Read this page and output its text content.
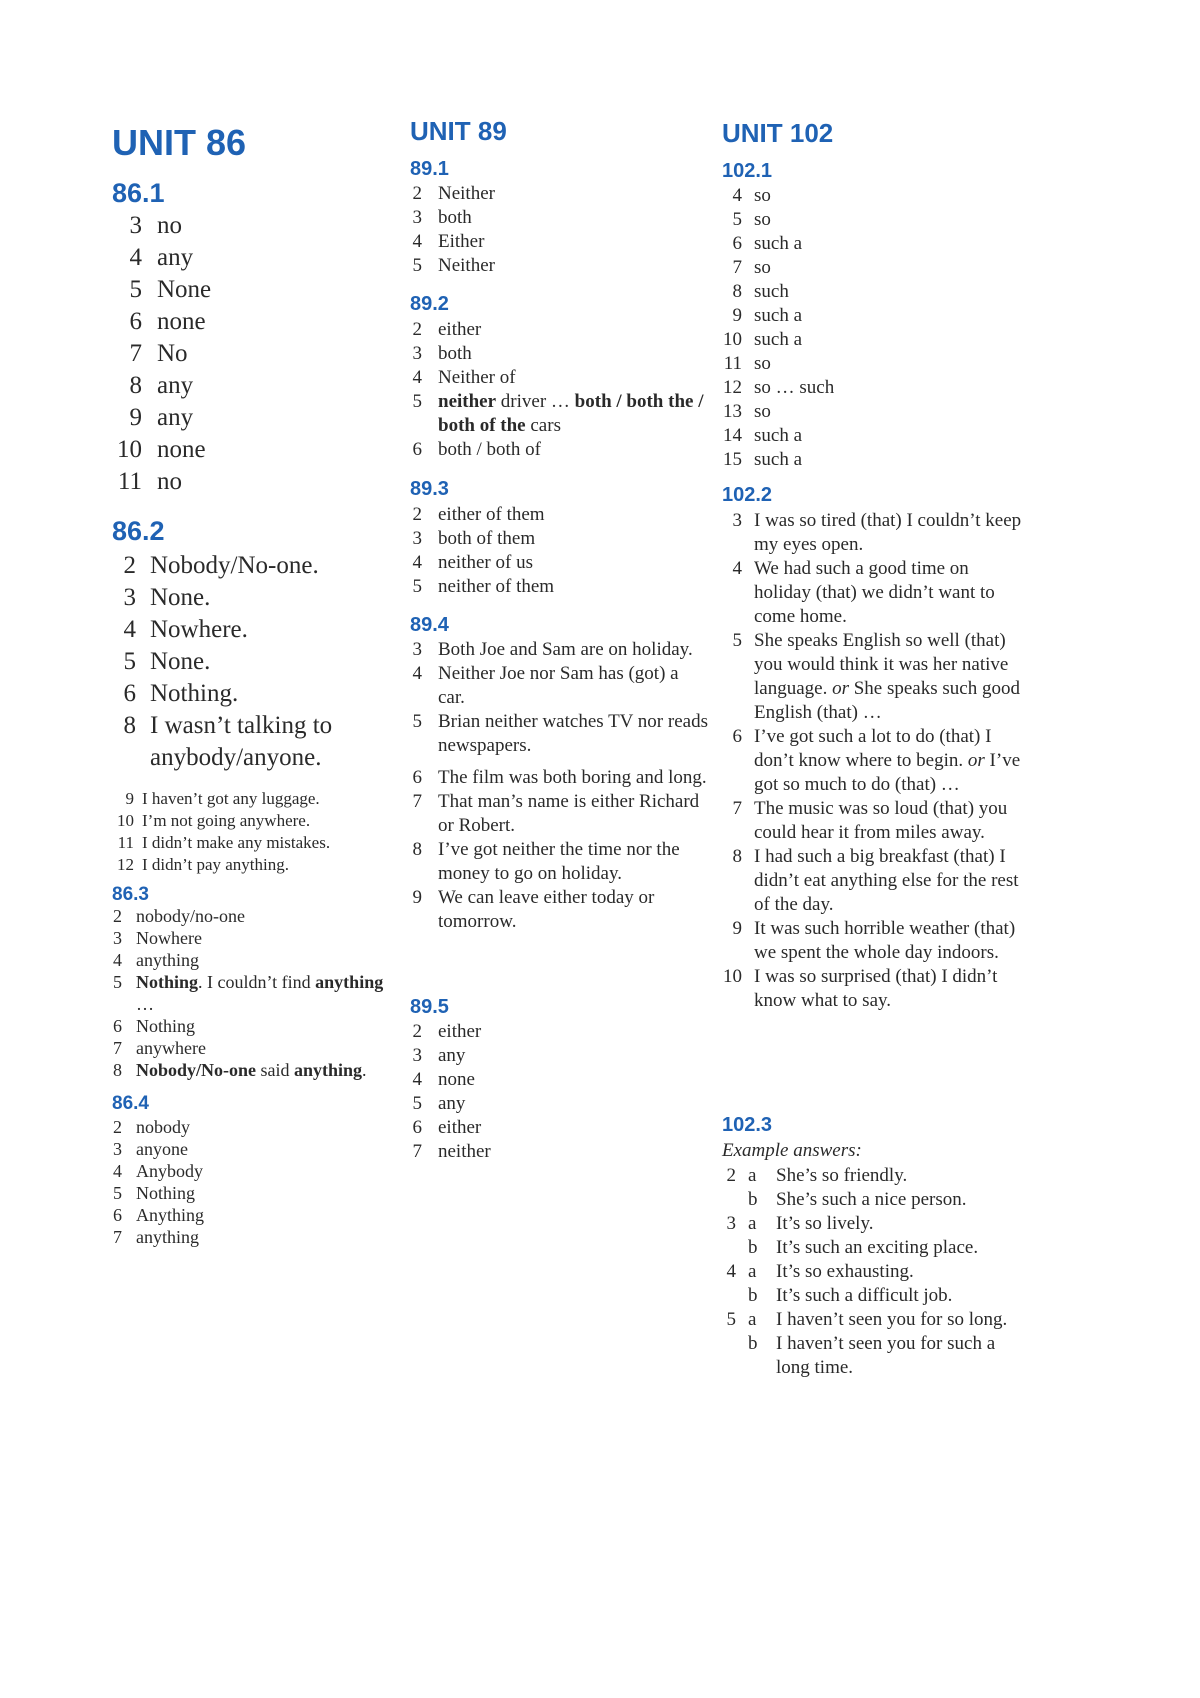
UNIT 86
86.1
3 no
4 any
5 None
6 none
7 No
8 any
9 any
10 none
11 no
86.2
2 Nobody/No-one.
3 None.
4 Nowhere.
5 None.
6 Nothing.
8 I wasn’t talking to anybody/anyone.
9 I haven’t got any luggage.
10 I’m not going anywhere.
11 I didn’t make any mistakes.
12 I didn’t pay anything.
86.3
2 nobody/no-one
3 Nowhere
4 anything
5 Nothing. I couldn’t find anything …
6 Nothing
7 anywhere
8 Nobody/No-one said anything.
86.4
2 nobody
3 anyone
4 Anybody
5 Nothing
6 Anything
7 anything
UNIT 89
89.1
2 Neither
3 both
4 Either
5 Neither
89.2
2 either
3 both
4 Neither of
5 neither driver … both / both the / both of the cars
6 both / both of
89.3
2 either of them
3 both of them
4 neither of us
5 neither of them
89.4
3 Both Joe and Sam are on holiday.
4 Neither Joe nor Sam has (got) a car.
5 Brian neither watches TV nor reads newspapers.
6 The film was both boring and long.
7 That man’s name is either Richard or Robert.
8 I’ve got neither the time nor the money to go on holiday.
9 We can leave either today or tomorrow.
89.5
2 either
3 any
4 none
5 any
6 either
7 neither
UNIT 102
102.1
4 so
5 so
6 such a
7 so
8 such
9 such a
10 such a
11 so
12 so … such
13 so
14 such a
15 such a
102.2
3 I was so tired (that) I couldn’t keep my eyes open.
4 We had such a good time on holiday (that) we didn’t want to come home.
5 She speaks English so well (that) you would think it was her native language. or She speaks such good English (that) …
6 I’ve got such a lot to do (that) I don’t know where to begin. or I’ve got so much to do (that) …
7 The music was so loud (that) you could hear it from miles away.
8 I had such a big breakfast (that) I didn’t eat anything else for the rest of the day.
9 It was such horrible weather (that) we spent the whole day indoors.
10 I was so surprised (that) I didn’t know what to say.
102.3

Example answers:

2 a	She’s so friendly.
b She’s such a nice person.
3 a	It’s so lively.
b It’s such an exciting place.
4 a	It’s so exhausting.
b It’s such a difficult job.
5 a	I haven’t seen you for so long.
b I haven’t seen you for such a long time.
